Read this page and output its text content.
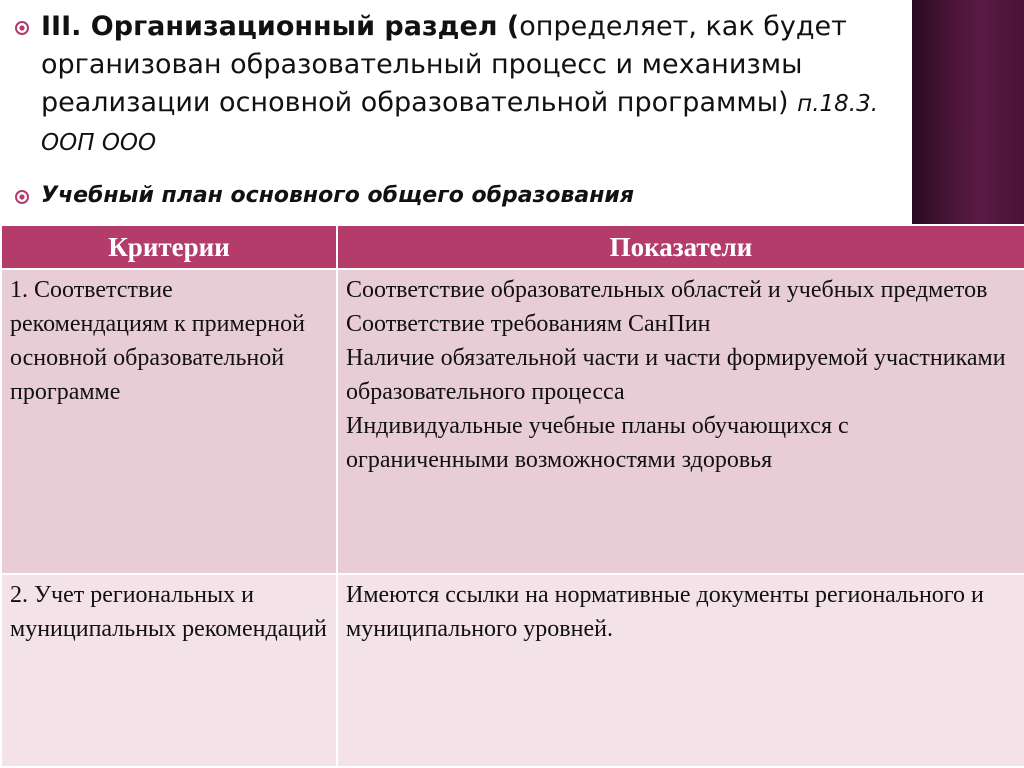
III. Организационный раздел (определяет, как будет организован образовательный процесс и механизмы реализации основной образовательной программы) п.18.3. ООП ООО
Учебный план основного общего образования
Критерии	Показатели
1. Соответствие рекомендациям к примерной основной образовательной программе	Соответствие образовательных областей и учебных предметов
Соответствие требованиям СанПин
Наличие обязательной части и части формируемой участниками образовательного процесса
Индивидуальные учебные планы обучающихся с ограниченными возможностями здоровья

2. Учет региональных и муниципальных рекомендаций	Имеются ссылки на нормативные документы регионального и муниципального уровней.
